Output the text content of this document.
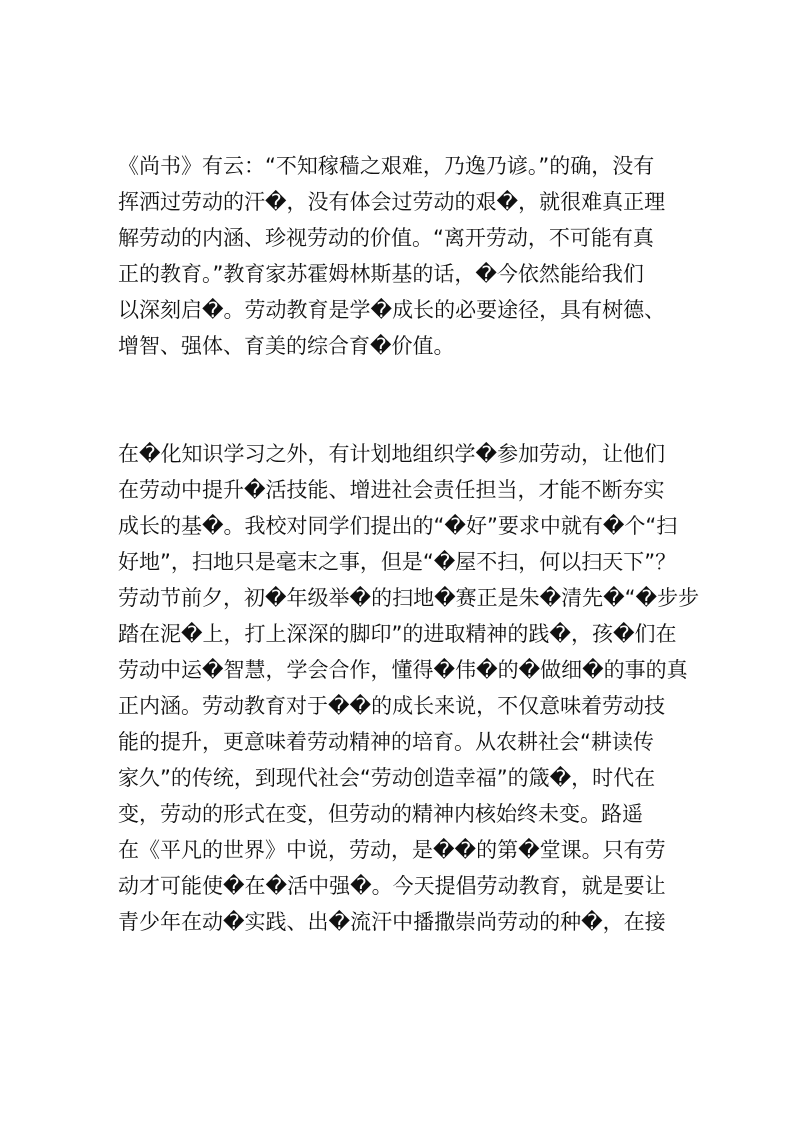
《尚书》有云：“不知稼穑之艰难，乃逸乃谚。”的确，没有
挥洒过劳动的汗�，没有体会过劳动的艰�，就很难真正理
解劳动的内涵、珍视劳动的价值。“离开劳动，不可能有真
正的教育。”教育家苏霍姆林斯基的话，�今依然能给我们
以深刻启�。劳动教育是学�成长的必要途径，具有树德、
增智、强体、育美的综合育�价值。
在�化知识学习之外，有计划地组织学�参加劳动，让他们
在劳动中提升�活技能、增进社会责任担当，才能不断夯实
成长的基�。我校对同学们提出的“�好”要求中就有�个“扫
好地”，扫地只是毫末之事，但是“�屋不扫，何以扫天下”？
劳动节前夕，初�年级举�的扫地�赛正是朱�清先�“�步步
踏在泥�上，打上深深的脚印”的进取精神的践�，孩�们在
劳动中运�智慧，学会合作，懂得�伟�的�做细�的事的真
正内涵。劳动教育对于��的成长来说，不仅意味着劳动技
能的提升，更意味着劳动精神的培育。从农耕社会“耕读传
家久”的传统，到现代社会“劳动创造幸福”的箴�，时代在
变，劳动的形式在变，但劳动的精神内核始终未变。路遥
在《平凡的世界》中说，劳动，是��的第�堂课。只有劳
动才可能使�在�活中强�。今天提倡劳动教育，就是要让
青少年在动�实践、出�流汗中播撒崇尚劳动的种�，在接
